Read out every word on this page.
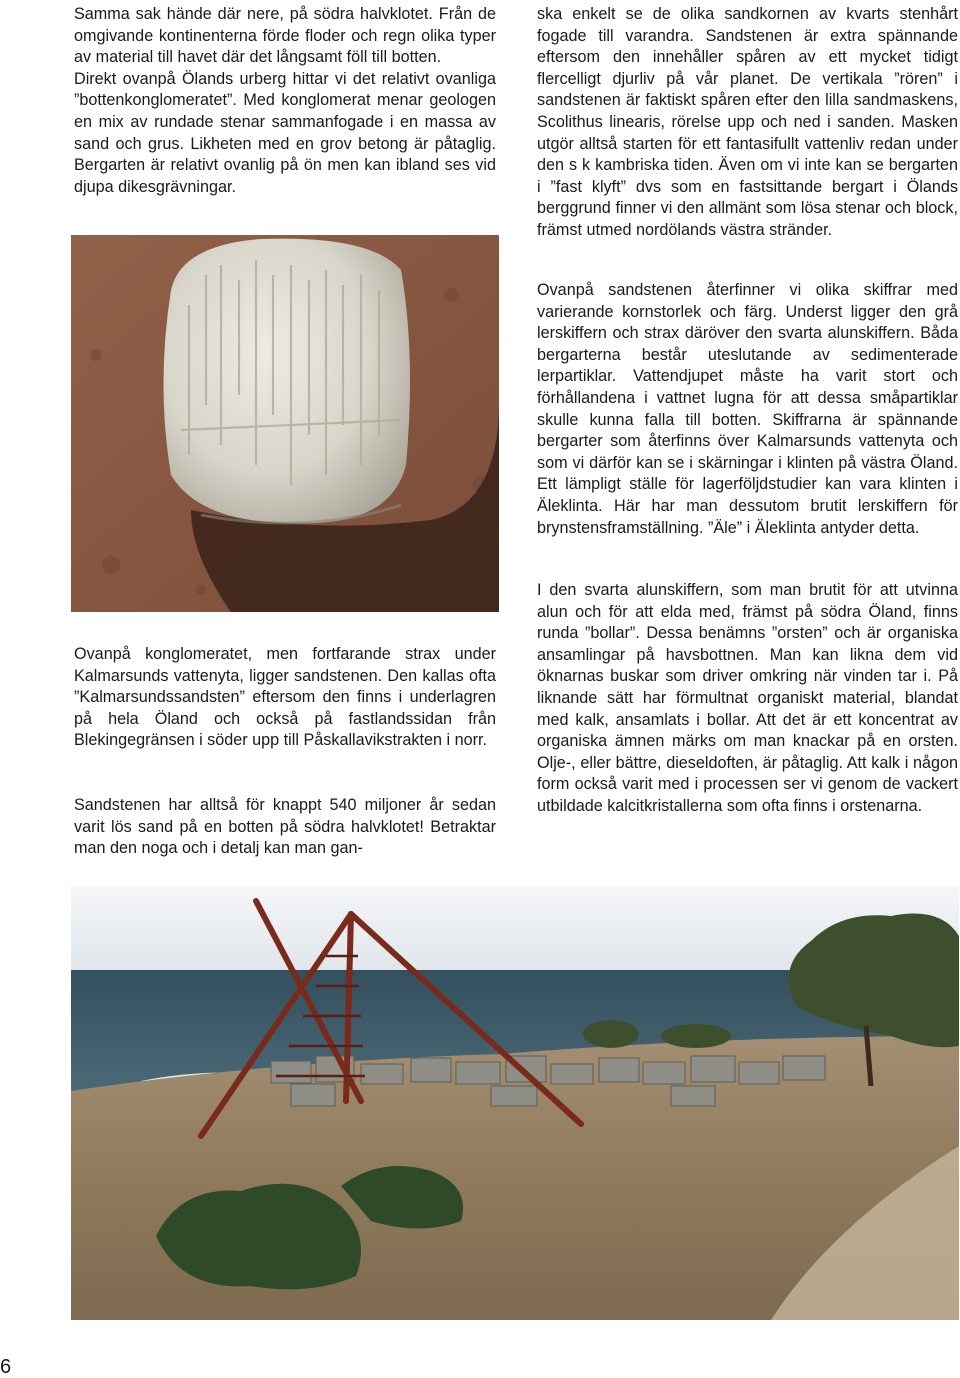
Samma sak hände där nere, på södra halvklotet. Från de omgivande kontinenterna förde floder och regn olika typer av material till havet där det långsamt föll till botten.
Direkt ovanpå Ölands urberg hittar vi det relativt ovanliga ”bottenkonglomeratet”. Med konglomerat menar geologen en mix av rundade stenar sammanfogade i en massa av sand och grus. Likheten med en grov betong är påtaglig. Bergarten är relativt ovanlig på ön men kan ibland ses vid djupa dikesgrävningar.

Ovanpå konglomeratet, men fortfarande strax under Kalmarsunds vattenyta, ligger sandstenen. Den kallas ofta ”Kalmarsundssandsten” eftersom den finns i underlagren på hela Öland och också på fastlandssidan från Blekingegränsen i söder upp till Påskallavikstrakten i norr.

Sandstenen har alltså för knappt 540 miljoner år sedan varit lös sand på en botten på södra halvklotet! Betraktar man den noga och i detalj kan man gan-

ska enkelt se de olika sandkornen av kvarts stenhårt fogade till varandra. Sandstenen är extra spännande eftersom den innehåller spåren av ett mycket tidigt flercelligt djurliv på vår planet. De vertikala ”rören” i sandstenen är faktiskt spåren efter den lilla sandmaskens, Scolithus linearis, rörelse upp och ned i sanden. Masken utgör alltså starten för ett fantasifullt vattenliv redan under den s k kambriska tiden. Även om vi inte kan se bergarten i ”fast klyft” dvs som en fastsittande bergart i Ölands berggrund finner vi den allmänt som lösa stenar och block, främst utmed nordölands västra stränder.

Ovanpå sandstenen återfinner vi olika skiffrar med varierande kornstorlek och färg. Underst ligger den grå lerskiffern och strax däröver den svarta alunskiffern. Båda bergarterna består uteslutande av sedimenterade lerpartiklar. Vattendjupet måste ha varit stort och förhållandena i vattnet lugna för att dessa småpartiklar skulle kunna falla till botten. Skiffrarna är spännande bergarter som återfinns över Kalmarsunds vattenyta och som vi därför kan se i skärningar i klinten på västra Öland. Ett lämpligt ställe för lagerföljdstudier kan vara klinten i Äleklinta. Här har man dessutom brutit lerskiffern för brynstensframställning. ”Äle” i Äleklinta antyder detta.

I den svarta alunskiffern, som man brutit för att utvinna alun och för att elda med, främst på södra Öland, finns runda ”bollar”. Dessa benämns ”orsten” och är organiska ansamlingar på havsbottnen. Man kan likna dem vid öknarnas buskar som driver omkring när vinden tar i. På liknande sätt har förmultnat organiskt material, blandat med kalk, ansamlats i bollar. Att det är ett koncentrat av organiska ämnen märks om man knackar på en orsten. Olje-, eller bättre, dieseldoften, är påtaglig. Att kalk i någon form också varit med i processen ser vi genom de vackert utbildade kalcitkristallerna som ofta finns i orstenarna.

6
